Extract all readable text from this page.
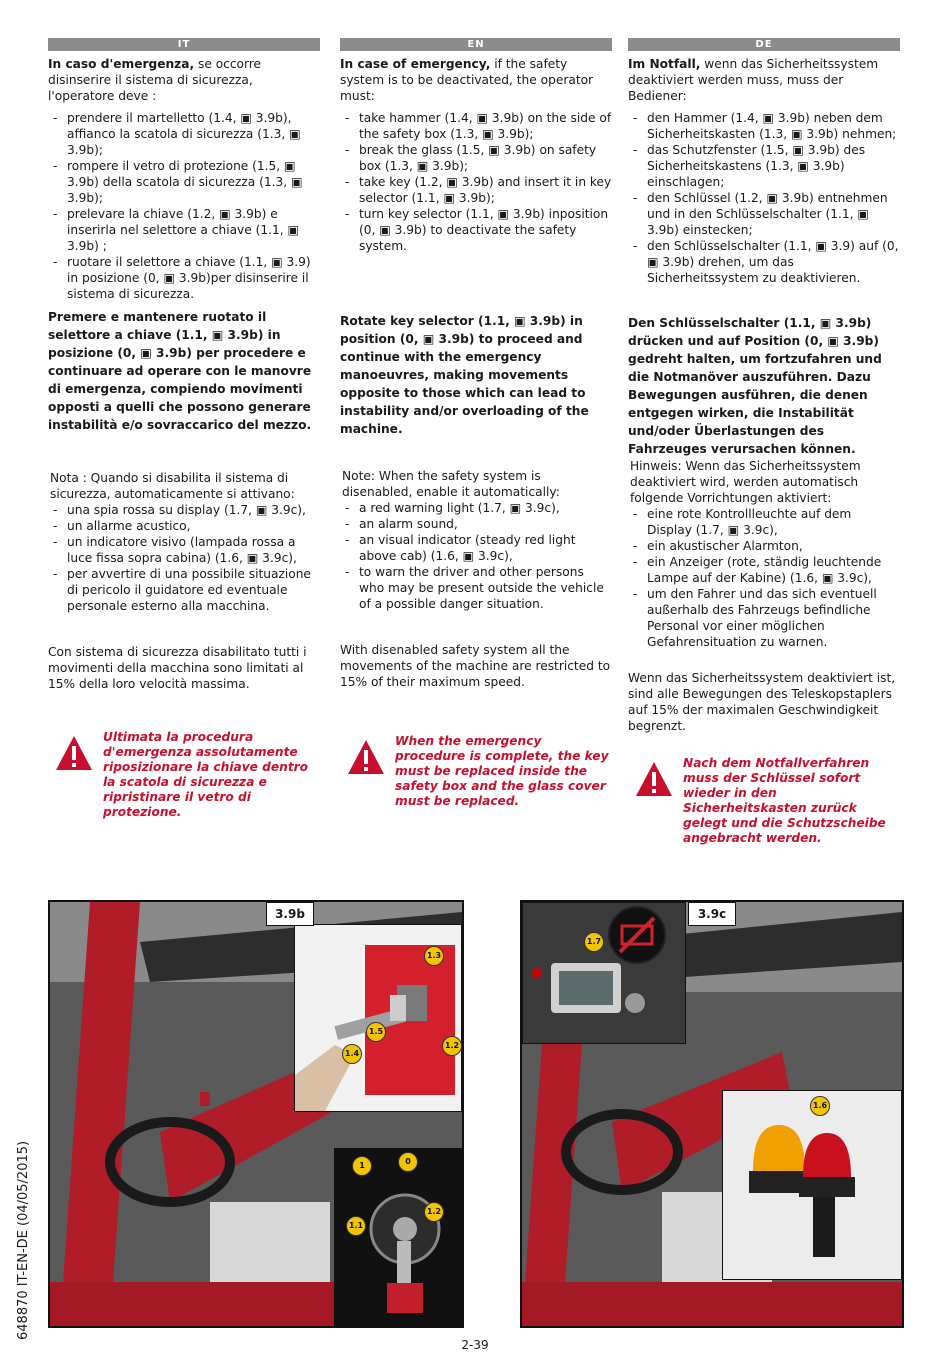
IT
In caso d'emergenza, se occorre disinserire il sistema di sicurezza, l'operatore deve :
- prendere il martelletto (1.4, ▣ 3.9b), affiancо la scatola di sicurezza (1.3, ▣ 3.9b);
- rompere il vetro di protezione (1.5, ▣ 3.9b) della scatola di sicurezza (1.3, ▣ 3.9b);
- prelevare la chiave (1.2, ▣ 3.9b) e inserirla nel selettore a chiave (1.1, ▣ 3.9b) ;
- ruotare il selettore a chiave (1.1, ▣ 3.9) in posizione (0, ▣ 3.9b)per disinserire il sistema di sicurezza.
Premere e mantenere ruotato il selettore a chiave (1.1, ▣ 3.9b) in posizione (0, ▣ 3.9b) per procedere e continuare ad operare con le manovre di emergenza, compiendo movimenti opposti a quelli che possono generare instabilità e/o sovraccarico del mezzo.
Nota : Quando si disabilita il sistema di sicurezza, automaticamente si attivano:
- una spia rossa su display (1.7, ▣ 3.9c),
- un allarme acustico,
- un indicatore visivo (lampada rossa a luce fissa sopra cabina) (1.6, ▣ 3.9c),
- per avvertire di una possibile situazione di pericolo il guidatore ed eventuale personale esterno alla macchina.
Con sistema di sicurezza disabilitato tutti i movimenti della macchina sono limitati al 15% della loro velocità massima.
Ultimata la procedura d'emergenza assolutamente riposizionare la chiave dentro la scatola di sicurezza e ripristinare il vetro di protezione.
EN
In case of emergency, if the safety system is to be deactivated, the operator must:
- take hammer (1.4, ▣ 3.9b) on the side of the safety box (1.3, ▣ 3.9b);
- break the glass (1.5, ▣ 3.9b) on safety box (1.3, ▣ 3.9b);
- take key (1.2, ▣ 3.9b) and insert it in key selector (1.1, ▣ 3.9b);
- turn key selector (1.1, ▣ 3.9b) inposition (0, ▣ 3.9b) to deactivate the safety system.
Rotate key selector (1.1, ▣ 3.9b) in position (0, ▣ 3.9b) to proceed and continue with the emergency manoeuvres, making movements opposite to those which can lead to instability and/or overloading of the machine.
Note: When the safety system is disenabled, enable it automatically:
- a red warning light (1.7, ▣ 3.9c),
- an alarm sound,
- an visual indicator (steady red light above cab) (1.6, ▣ 3.9c),
- to warn the driver and other persons who may be present outside the vehicle of a possible danger situation.
With disenabled safety system all the movements of the machine are restricted to 15% of their maximum speed.
When the emergency procedure is complete, the key must be replaced inside the safety box and the glass cover must be replaced.
DE
Im Notfall, wenn das Sicherheitssystem deaktiviert werden muss, muss der Bediener:
- den Hammer (1.4, ▣ 3.9b) neben dem Sicherheitskasten (1.3, ▣ 3.9b) nehmen;
- das Schutzfenster (1.5, ▣ 3.9b) des Sicherheitskastens (1.3, ▣ 3.9b) einschlagen;
- den Schlüssel (1.2, ▣ 3.9b) entnehmen und in den Schlüsselschalter (1.1, ▣ 3.9b) einstecken;
- den Schlüsselschalter (1.1, ▣ 3.9) auf (0, ▣ 3.9b) drehen, um das Sicherheitssystem zu deaktivieren.
Den Schlüsselschalter (1.1, ▣ 3.9b) drücken und auf Position (0, ▣ 3.9b) gedreht halten, um fortzufahren und die Notmanöver auszuführen. Dazu Bewegungen ausführen, die denen entgegen wirken, die Instabilität und/oder Überlastungen des Fahrzeuges verursachen können.
Hinweis: Wenn das Sicherheitssystem deaktiviert wird, werden automatisch folgende Vorrichtungen aktiviert:
- eine rote Kontrollleuchte auf dem Display (1.7, ▣ 3.9c),
- ein akustischer Alarmton,
- ein Anzeiger (rote, ständig leuchtende Lampe auf der Kabine) (1.6, ▣ 3.9c),
- um den Fahrer und das sich eventuell außerhalb des Fahrzeugs befindliche Personal vor einer möglichen Gefahrensituation zu warnen.
Wenn das Sicherheitssystem deaktiviert ist, sind alle Bewegungen des Teleskopstaplers auf 15% der maximalen Geschwindigkeit begrenzt.
Nach dem Notfallverfahren muss der Schlüssel sofort wieder in den Sicherheitskasten zurück gelegt und die Schutzscheibe angebracht werden.
3.9b
1.3
1.5
1.2
1.4
1	0
1.1
1.2
3.9c
1.7
1.6
648870 IT-EN-DE (04/05/2015)
2-39
